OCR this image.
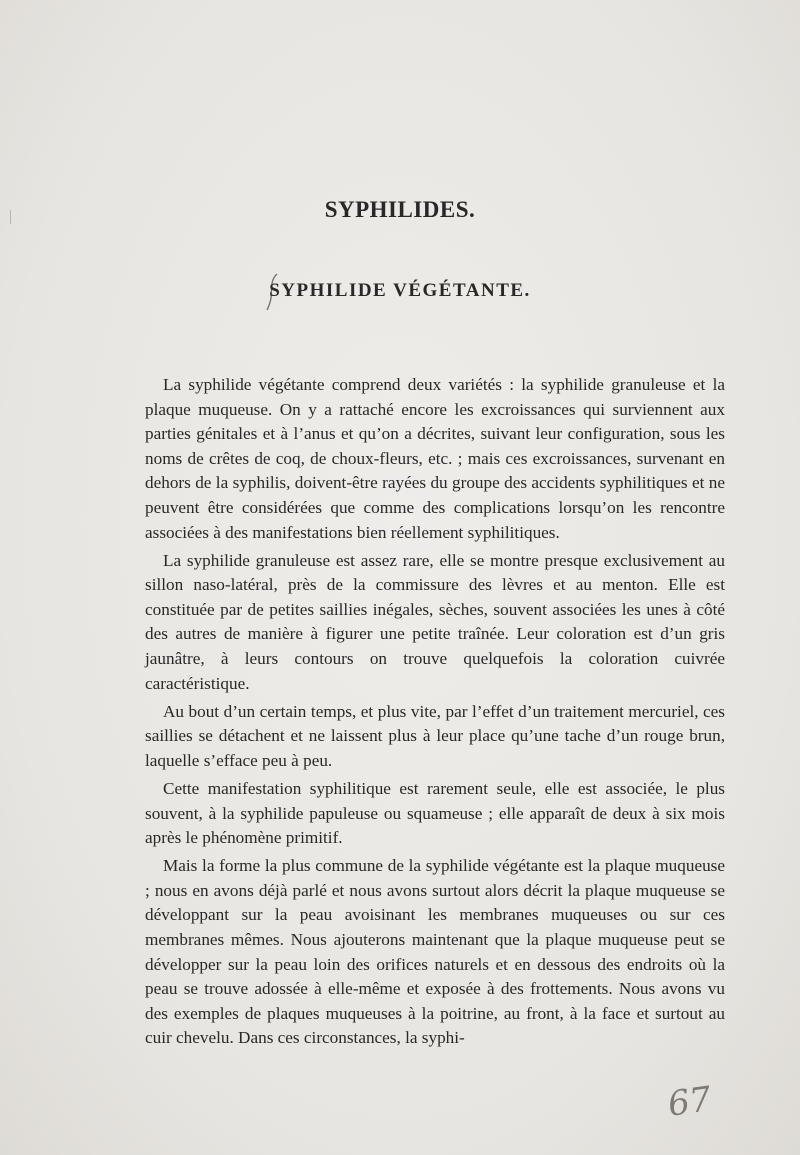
SYPHILIDES.
SYPHILIDE VÉGÉTANTE.

La syphilide végétante comprend deux variétés : la syphilide granuleuse et la plaque muqueuse. On y a rattaché encore les excroissances qui surviennent aux parties génitales et à l’anus et qu’on a décrites, suivant leur configuration, sous les noms de crêtes de coq, de choux-fleurs, etc. ; mais ces excroissances, survenant en dehors de la syphilis, doivent-être rayées du groupe des accidents syphilitiques et ne peuvent être considérées que comme des complications lorsqu’on les rencontre associées à des manifestations bien réellement syphilitiques.

La syphilide granuleuse est assez rare, elle se montre presque exclusivement au sillon naso-latéral, près de la commissure des lèvres et au menton. Elle est constituée par de petites saillies inégales, sèches, souvent associées les unes à côté des autres de manière à figurer une petite traînée. Leur coloration est d’un gris jaunâtre, à leurs contours on trouve quelquefois la coloration cuivrée caractéristique.

Au bout d’un certain temps, et plus vite, par l’effet d’un traitement mercuriel, ces saillies se détachent et ne laissent plus à leur place qu’une tache d’un rouge brun, laquelle s’efface peu à peu.

Cette manifestation syphilitique est rarement seule, elle est associée, le plus souvent, à la syphilide papuleuse ou squameuse ; elle apparaît de deux à six mois après le phénomène primitif.

Mais la forme la plus commune de la syphilide végétante est la plaque muqueuse ; nous en avons déjà parlé et nous avons surtout alors décrit la plaque muqueuse se développant sur la peau avoisinant les membranes muqueuses ou sur ces membranes mêmes. Nous ajouterons maintenant que la plaque muqueuse peut se développer sur la peau loin des orifices naturels et en dessous des endroits où la peau se trouve adossée à elle-même et exposée à des frottements. Nous avons vu des exemples de plaques muqueuses à la poitrine, au front, à la face et surtout au cuir chevelu. Dans ces circonstances, la syphi-

67
